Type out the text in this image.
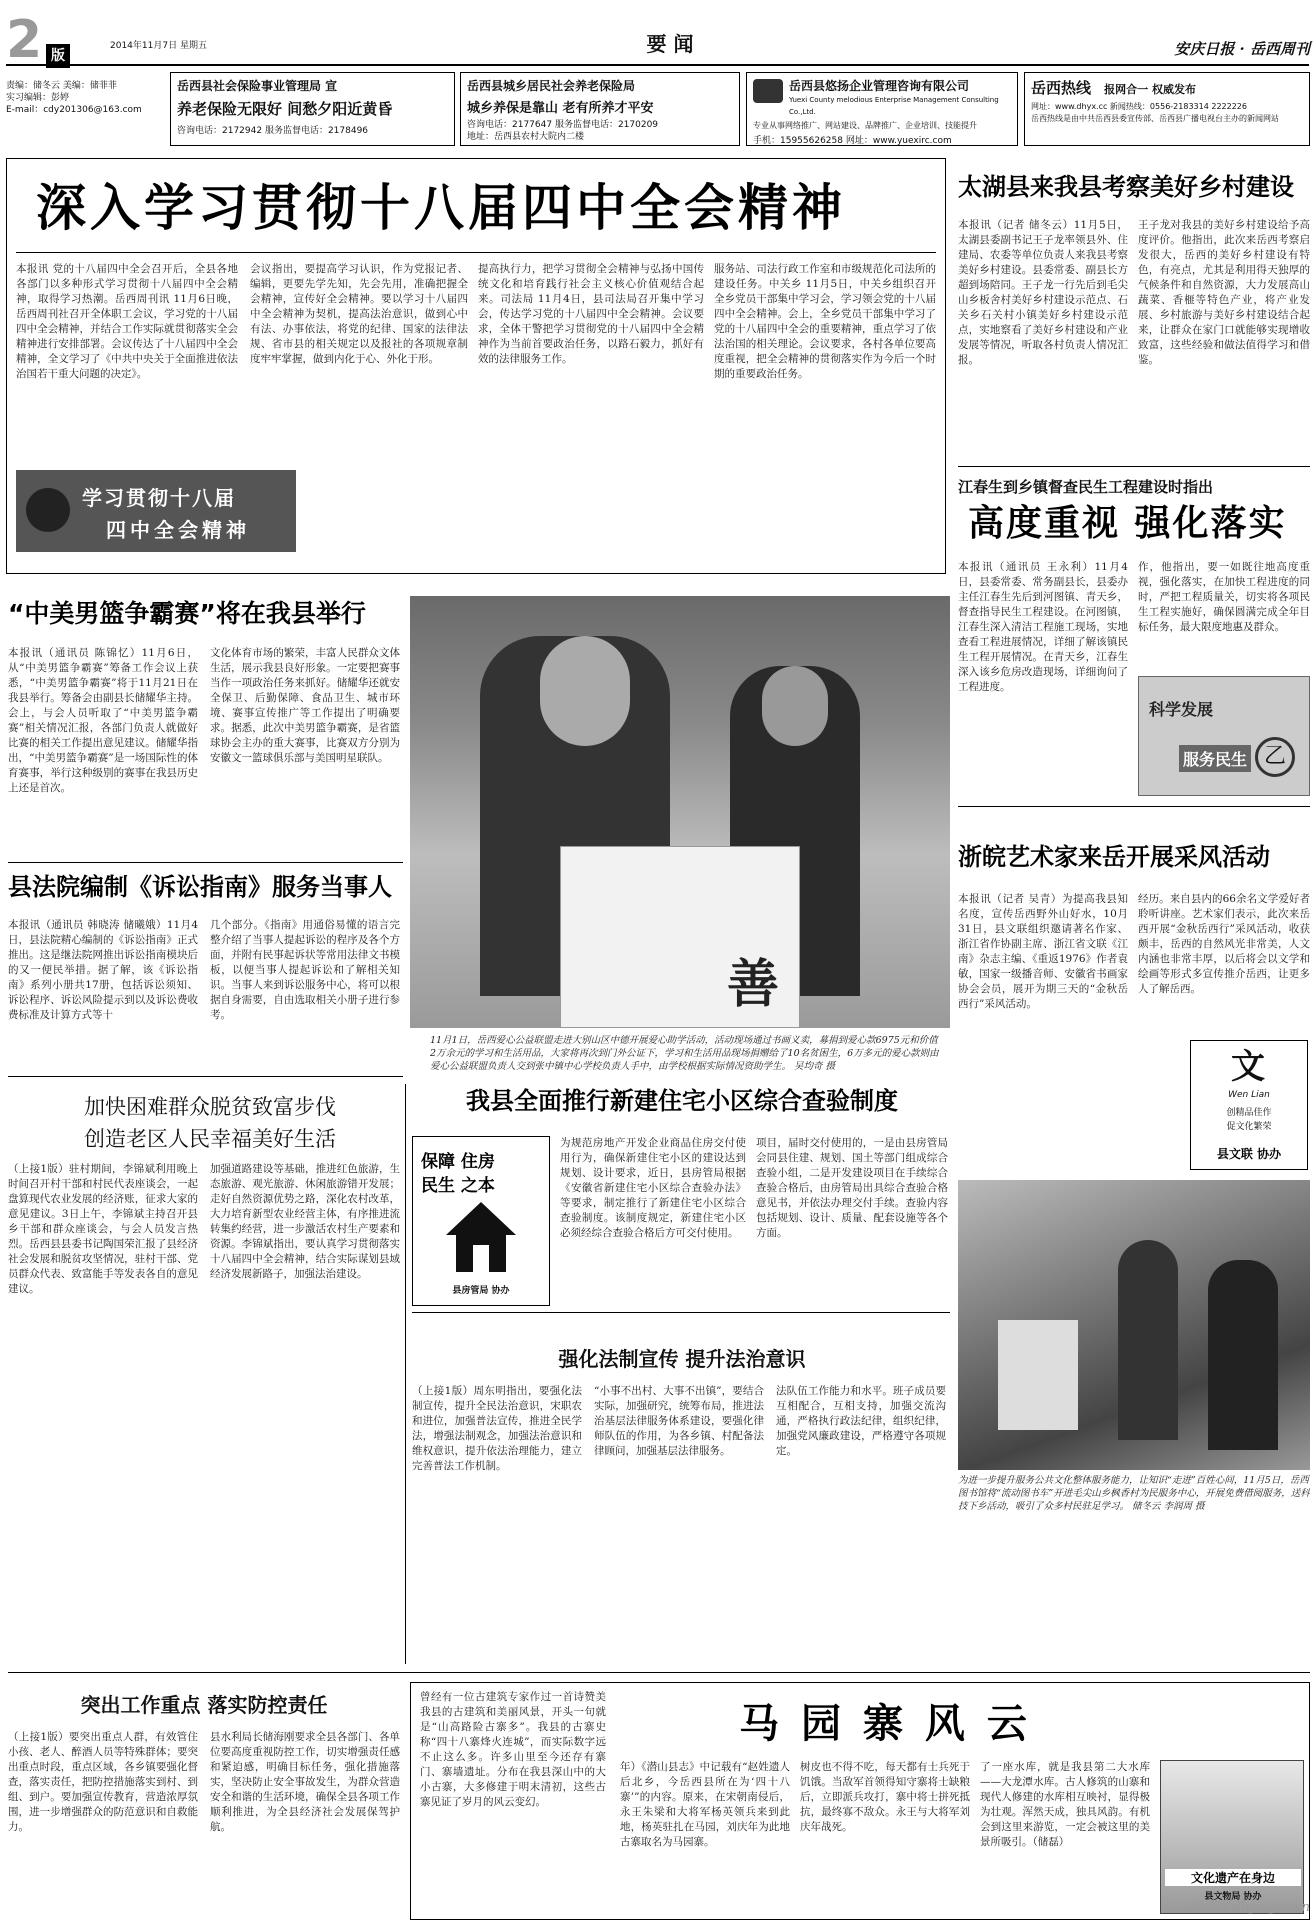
2 版
2014年11月7日 星期五	要 闻	安庆日报 · 岳西周刊
责编：储冬云 美编：储菲菲
实习编辑：彭婷
E-mail：cdy201306@163.com
岳西县社会保险事业管理局 宣
养老保险无限好 间愁夕阳近黄昏
咨询电话：2172942 服务监督电话：2178496
岳西县城乡居民社会养老保险局
城乡养保是靠山 老有所养才平安
咨询电话：2177647 服务监督电话：2170209
地址：岳西县农村大院内二楼
岳西县悠扬企业管理咨询有限公司
Yuexi County melodious Enterprise Management Consulting Co.,Ltd.
专业从事网络推广、网站建设、品牌推广、企业培训、技能提升
手机：15955626258 网址：www.yuexirc.com
岳西热线 报网合一 权威发布
网址：www.dhyx.cc 新闻热线：0556-2183314 2222226
岳西热线是由中共岳西县委宣传部、岳西县广播电视台主办的新闻网站
深入学习贯彻十八届四中全会精神
本报讯 党的十八届四中全会召开后，全县各地各部门以多种形式学习贯彻十八届四中全会精神，取得学习热潮。岳西周刊讯 11月6日晚，岳西周刊社召开全体职工会议，学习党的十八届四中全会精神，并结合工作实际就贯彻落实全会精神进行安排部署。会议传达了十八届四中全会精神，全文学习了《中共中央关于全面推进依法治国若干重大问题的决定》。
学习贯彻十八届
四中全会精神
会议指出，要提高学习认识，作为党报记者、编辑，更要先学先知，先会先用，准确把握全会精神，宣传好全会精神。要以学习十八届四中全会精神为契机，提高法治意识，做到心中有法、办事依法，将党的纪律、国家的法律法规、省市县的相关规定以及报社的各项规章制度牢牢掌握，做到内化于心、外化于形。
提高执行力，把学习贯彻全会精神与弘扬中国传统文化和培育践行社会主义核心价值观结合起来。司法局 11月4日，县司法局召开集中学习会，传达学习党的十八届四中全会精神。会议要求，全体干警把学习贯彻党的十八届四中全会精神作为当前首要政治任务，以路石毅力，抓好有效的法律服务工作。
服务站、司法行政工作室和市级规范化司法所的建设任务。中关乡 11月5日，中关乡组织召开全乡党员干部集中学习会，学习领会党的十八届四中全会精神。会上，全乡党员干部集中学习了党的十八届四中全会的重要精神，重点学习了依法治国的相关理论。会议要求，各村各单位要高度重视，把全会精神的贯彻落实作为今后一个时期的重要政治任务。
太湖县来我县考察美好乡村建设
本报讯（记者 储冬云）11月5日，太湖县委副书记王子龙率领县外、住建局、农委等单位负责人来我县考察美好乡村建设。县委常委、副县长方超到场陪同。王子龙一行先后到毛尖山乡板舍村美好乡村建设示范点、石关乡石关村小镇美好乡村建设示范点，实地察看了美好乡村建设和产业发展等情况，听取各村负责人情况汇报。
王子龙对我县的美好乡村建设给予高度评价。他指出，此次来岳西考察启发很大，岳西的美好乡村建设有特色，有亮点，尤其是利用得天独厚的气候条件和自然资源，大力发展高山蔬菜、香榧等特色产业，将产业发展、乡村旅游与美好乡村建设结合起来，让群众在家门口就能够实现增收致富，这些经验和做法值得学习和借鉴。
江春生到乡镇督查民生工程建设时指出
高度重视 强化落实
本报讯（通讯员 王永利）11月4日，县委常委、常务副县长，县委办主任江春生先后到河图镇、青天乡，督查指导民生工程建设。在河图镇，江春生深入清洁工程施工现场，实地查看工程进展情况，详细了解该镇民生工程开展情况。在青天乡，江春生深入该乡危房改造现场，详细询问了工程进度。
作，他指出，要一如既往地高度重视，强化落实，在加快工程进度的同时，严把工程质量关，切实将各项民生工程实施好，确保圆满完成全年目标任务，最大限度地惠及群众。
科学发展
服务民生 乙
浙皖艺术家来岳开展采风活动
本报讯（记者 吴青）为提高我县知名度，宣传岳西野外山好水，10月31日，县文联组织邀请著名作家、浙江省作协副主席、浙江省文联《江南》杂志主编、《重返1976》作者袁敏，国家一级播音师、安徽省书画家协会会员，展开为期三天的“金秋岳西行”采风活动。
经历。来自县内的66余名文学爱好者聆听讲座。艺术家们表示，此次来岳西开展“金秋岳西行”采风活动，收获颇丰，岳西的自然风光非常美，人文内涵也非常丰厚，以后将会以文学和绘画等形式多宣传推介岳西，让更多人了解岳西。
文
Wen Lian
创精品佳作
促文化繁荣
县文联 协办
为进一步提升服务公共文化整体服务能力，让知识“走进”百姓心间，11月5日，岳西图书馆将“流动图书车”开进毛尖山乡枫香村为民服务中心，开展免费借阅服务，送科技下乡活动，吸引了众多村民驻足学习。 储冬云 李润周 摄
“中美男篮争霸赛”将在我县举行
本报讯（通讯员 陈锦忆）11月6日，从“中美男篮争霸赛”筹备工作会议上获悉，“中美男篮争霸赛”将于11月21日在我县举行。筹备会由副县长储耀华主持。会上，与会人员听取了“中美男篮争霸赛”相关情况汇报，各部门负责人就做好比赛的相关工作提出意见建议。储耀华指出，“中美男篮争霸赛”是一场国际性的体育赛事，举行这种级别的赛事在我县历史上还是首次。
文化体育市场的繁荣，丰富人民群众文体生活，展示我县良好形象。一定要把赛事当作一项政治任务来抓好。储耀华还就安全保卫、后勤保障、食品卫生、城市环境、赛事宣传推广等工作提出了明确要求。据悉，此次中美男篮争霸赛，是省篮球协会主办的重大赛事，比赛双方分别为安徽文一篮球俱乐部与美国明星联队。
县法院编制《诉讼指南》服务当事人
本报讯（通讯员 韩晓涛 储曦娥）11月4日，县法院精心编制的《诉讼指南》正式推出。这是继法院网推出诉讼指南模块后的又一便民举措。据了解，该《诉讼指南》系列小册共17册，包括诉讼须知、诉讼程序、诉讼风险提示到以及诉讼费收费标准及计算方式等十
几个部分。《指南》用通俗易懂的语言完整介绍了当事人提起诉讼的程序及各个方面，并附有民事起诉状等常用法律文书模板，以便当事人提起诉讼和了解相关知识。当事人来到诉讼服务中心，将可以根据自身需要，自由选取相关小册子进行参考。	善
11月1日，岳西爱心公益联盟走进大别山区中德开展爱心助学活动，活动现场通过书画义卖，募捐到爱心款6975元和价值2万余元的学习和生活用品，大家将再次到门外公证下，学习和生活用品现场捐赠给了10名贫困生，6万多元的爱心款则由爱心公益联盟负责人交到张中镇中心学校负责人手中，由学校根据实际情况资助学生。 吴均奇 摄
加快困难群众脱贫致富步伐
创造老区人民幸福美好生活
（上接1版）驻村期间，李锦斌利用晚上时间召开村干部和村民代表座谈会，一起盘算现代农业发展的经济账，征求大家的意见建议。3日上午，李锦斌主持召开县乡干部和群众座谈会，与会人员发言热烈。岳西县县委书记陶国荣汇报了县经济社会发展和脱贫攻坚情况，驻村干部、党员群众代表、致富能手等发表各自的意见建议。
加强道路建设等基础，推进红色旅游，生态旅游、观光旅游、休闲旅游错开发展；走好自然资源优势之路，深化农村改革，大力培育新型农业经营主体，有序推进流转集约经营，进一步激活农村生产要素和资源。李锦斌指出，要认真学习贯彻落实十八届四中全会精神，结合实际谋划县域经济发展新路子，加强法治建设。
我县全面推行新建住宅小区综合查验制度
保障 住房
民生 之本
县房管局 协办
为规范房地产开发企业商品住房交付使用行为，确保新建住宅小区的建设达到规划、设计要求，近日，县房管局根据《安徽省新建住宅小区综合查验办法》等要求，制定推行了新建住宅小区综合查验制度。该制度规定，新建住宅小区必须经综合查验合格后方可交付使用。
项目，届时交付使用的，一是由县房管局会同县住建、规划、国土等部门组成综合查验小组，二是开发建设项目在手续综合查验合格后，由房管局出具综合查验合格意见书，并依法办理交付手续。查验内容包括规划、设计、质量、配套设施等各个方面。
强化法制宣传 提升法治意识
（上接1版）周东明指出，要强化法制宣传，提升全民法治意识，宋职农和进位，加强普法宣传，推进全民学法，增强法制观念，加强法治意识和维权意识，提升依法治理能力，建立完善普法工作机制。
“小事不出村、大事不出镇”，要结合实际，加强研究，统筹布局，推进法治基层法律服务体系建设，要强化律师队伍的作用，为各乡镇、村配备法律顾问，加强基层法律服务。
法队伍工作能力和水平。班子成员要互相配合，互相支持，加强交流沟通，严格执行政法纪律，组织纪律，加强党风廉政建设，严格遵守各项规定。
突出工作重点 落实防控责任
（上接1版）要突出重点人群，有效管住小孩、老人、醉酒人员等特殊群体；要突出重点时段，重点区域，各乡镇要强化督查，落实责任，把防控措施落实到村、到组、到户。要加强宣传教育，营造浓厚氛围，进一步增强群众的防范意识和自救能力。
县水利局长储海刚要求全县各部门、各单位要高度重视防控工作，切实增强责任感和紧迫感，明确目标任务，强化措施落实，坚决防止安全事故发生，为群众营造安全和谐的生活环境，确保全县各项工作顺利推进，为全县经济社会发展保驾护航。
曾经有一位古建筑专家作过一首诗赞美我县的古建筑和美丽风景，开头一句就是“山高路险古寨多”。我县的古寨史称“四十八寨烽火连城”，而实际数字远不止这么多。许多山里至今还存有寨门、寨墙遗址。分布在我县深山中的大小古寨，大多修建于明末清初，这些古寨见证了岁月的风云变幻。
马 园 寨 风 云
年）《潜山县志》中记载有“赵姓遗人后北乡，今岳西县所在为‘四十八寨’”的内容。原来，在宋朝南侵后，永王朱梁和大将军杨英领兵来到此地，杨英驻扎在马园，刘庆年为此地古寨取名为马园寨。
树皮也不得不吃，每天都有士兵死于饥饿。当敌军首领得知守寨将士缺粮后，立即派兵攻打，寨中将士拼死抵抗，最终寡不敌众。永王与大将军刘庆年战死。
了一座水库，就是我县第二大水库——大龙潭水库。古人修筑的山寨和现代人修建的水库相互映衬，显得极为壮观。浑然天成，独具风韵。有机会到这里来游览，一定会被这里的美景所吸引。（储磊）
文化遗产在身边
县文物局 协办
岳西网 dhyx.gov.cn
